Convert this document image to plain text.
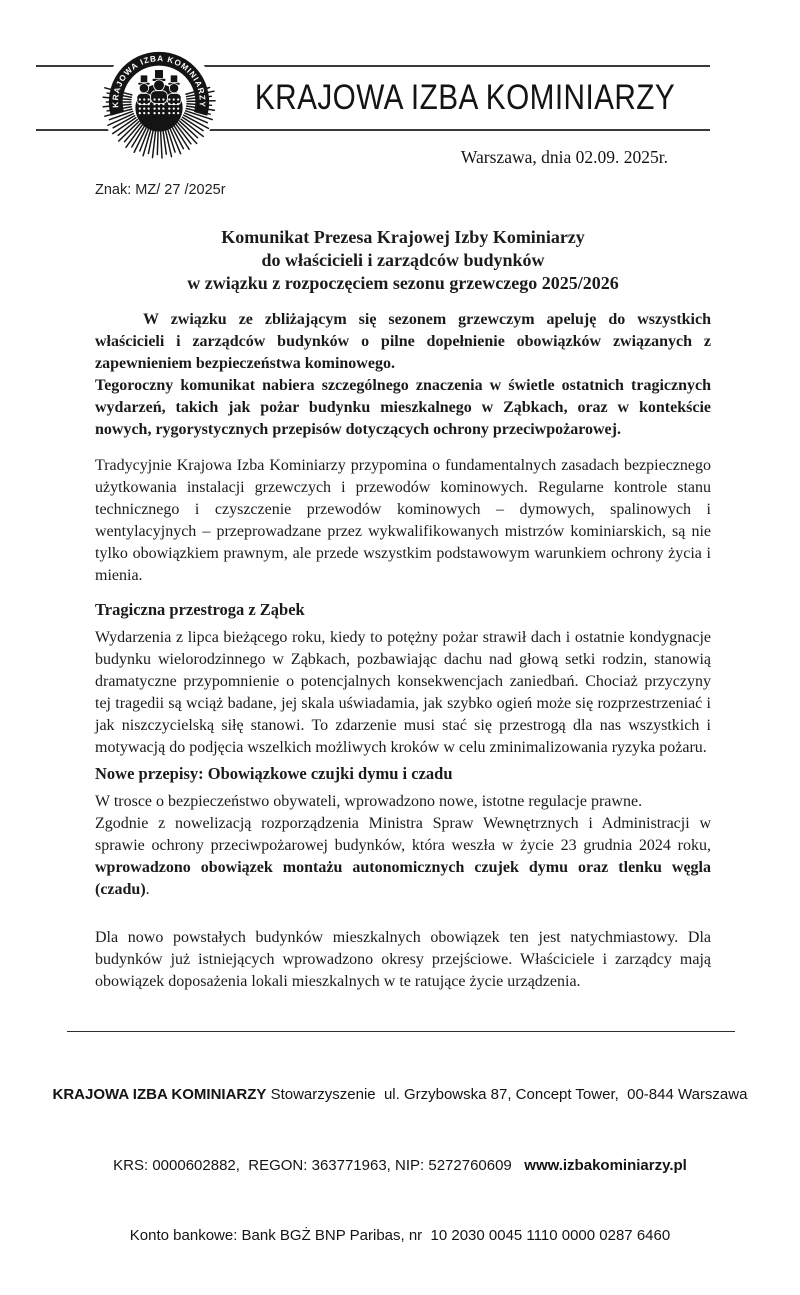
KRAJOWA IZBA KOMINIARZY KRAJOWA IZBA KOMINIARZY
Warszawa, dnia 02.09. 2025r.
Znak: MZ/ 27 /2025r
Komunikat Prezesa Krajowej Izby Kominiarzy
do właścicieli i zarządców budynków
w związku z rozpoczęciem sezonu grzewczego 2025/2026

W związku ze zbliżającym się sezonem grzewczym apeluję do wszystkich właścicieli i zarządców budynków o pilne dopełnienie obowiązków związanych z zapewnieniem bezpieczeństwa kominowego.

Tegoroczny komunikat nabiera szczególnego znaczenia w świetle ostatnich tragicznych wydarzeń, takich jak pożar budynku mieszkalnego w Ząbkach, oraz w kontekście nowych, rygorystycznych przepisów dotyczących ochrony przeciwpożarowej.

Tradycyjnie Krajowa Izba Kominiarzy przypomina o fundamentalnych zasadach bezpiecznego użytkowania instalacji grzewczych i przewodów kominowych. Regularne kontrole stanu technicznego i czyszczenie przewodów kominowych – dymowych, spalinowych i wentylacyjnych – przeprowadzane przez wykwalifikowanych mistrzów kominiarskich, są nie tylko obowiązkiem prawnym, ale przede wszystkim podstawowym warunkiem ochrony życia i mienia.

Tragiczna przestroga z Ząbek

Wydarzenia z lipca bieżącego roku, kiedy to potężny pożar strawił dach i ostatnie kondygnacje budynku wielorodzinnego w Ząbkach, pozbawiając dachu nad głową setki rodzin, stanowią dramatyczne przypomnienie o potencjalnych konsekwencjach zaniedbań. Chociaż przyczyny tej tragedii są wciąż badane, jej skala uświadamia, jak szybko ogień może się rozprzestrzeniać i jak niszczycielską siłę stanowi. To zdarzenie musi stać się przestrogą dla nas wszystkich i motywacją do podjęcia wszelkich możliwych kroków w celu zminimalizowania ryzyka pożaru.

Nowe przepisy: Obowiązkowe czujki dymu i czadu

W trosce o bezpieczeństwo obywateli, wprowadzono nowe, istotne regulacje prawne.
Zgodnie z nowelizacją rozporządzenia Ministra Spraw Wewnętrznych i Administracji w sprawie ochrony przeciwpożarowej budynków, która weszła w życie 23 grudnia 2024 roku, wprowadzono obowiązek montażu autonomicznych czujek dymu oraz tlenku węgla (czadu).

Dla nowo powstałych budynków mieszkalnych obowiązek ten jest natychmiastowy. Dla budynków już istniejących wprowadzono okresy przejściowe. Właściciele i zarządcy mają obowiązek doposażenia lokali mieszkalnych w te ratujące życie urządzenia.

KRAJOWA IZBA KOMINIARZY Stowarzyszenie  ul. Grzybowska 87, Concept Tower,  00-844 Warszawa

KRS: 0000602882,  REGON: 363771963, NIP: 5272760609   www.izbakominiarzy.pl

Konto bankowe: Bank BGŻ BNP Paribas, nr  10 2030 0045 1110 0000 0287 6460
